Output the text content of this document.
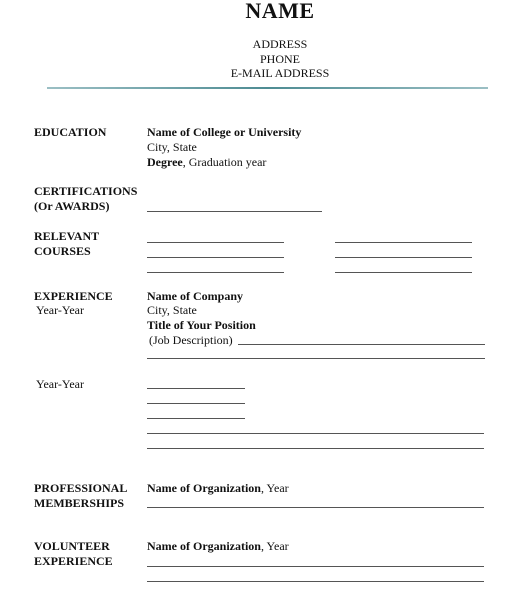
NAME
ADDRESS
PHONE
E-MAIL ADDRESS
EDUCATION	Name of College or University
City, State
Degree, Graduation year
CERTIFICATIONS
(Or AWARDS)
RELEVANT
COURSES
EXPERIENCE
Year-Year
Name of Company
City, State
Title of Your Position
(Job Description)
Year-Year
PROFESSIONAL
MEMBERSHIPS
Name of Organization, Year
VOLUNTEER
EXPERIENCE
Name of Organization, Year
